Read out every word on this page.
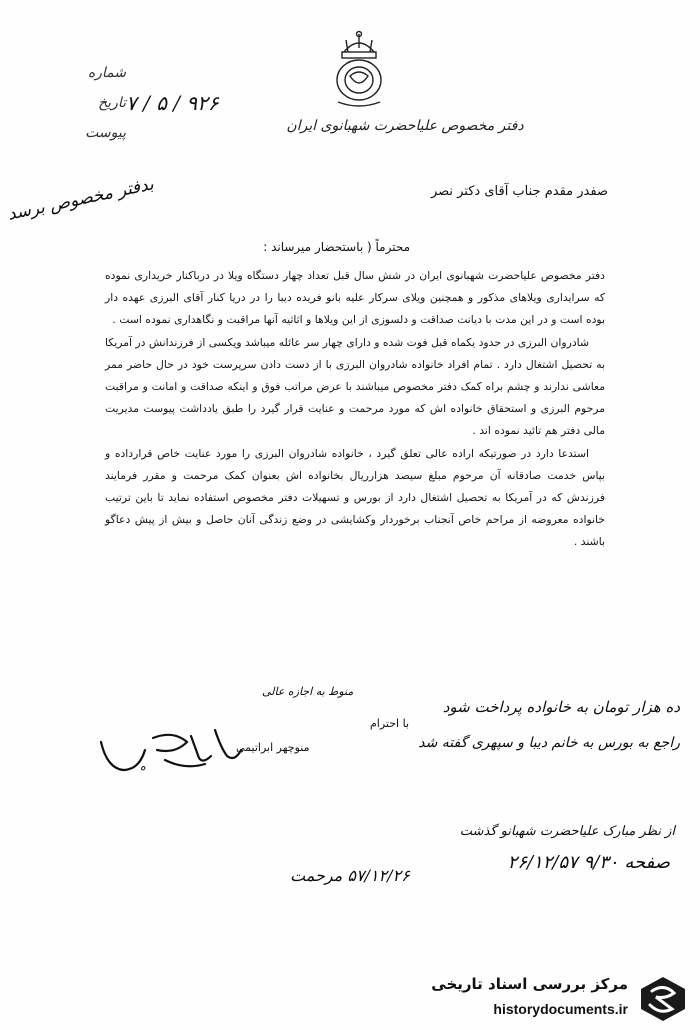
دفتر مخصوص علیاحضرت شهبانوی ایران
شماره
تاریخ ۹۲۶ / ۵ / ۷
پیوست
بدفتر مخصوص برسد	صفدر مقدم جناب آقای دکتر نصر
محترماً ( باستحضار میرساند :

دفتر مخصوص علیاحضرت شهبانوی ایران در شش سال قبل تعداد چهار دستگاه ویلا در درباکنار خریداری نموده که سرایداری ویلاهای مذکور و همچنین ویلای سرکار علیه بانو فریده دیبا را در دریا کنار آقای البرزی عهده دار بوده است و در این مدت با دیانت صداقت و دلسوزی از این ویلاها و اثاثیه آنها مراقبت و نگاهداری نموده است .

شادروان البرزی در حدود یکماه قبل فوت شده و دارای چهار سر عائله میباشد ویکسی از فرزندانش در آمریکا به تحصیل اشتغال دارد . تمام افراد خانواده شادروان البرزی با از دست دادن سرپرست خود در حال حاضر ممر معاشی ندارند و چشم براه کمک دفتر مخصوص میباشند با عرض مراتب فوق و اینکه صداقت و امانت و مراقبت مرحوم البرزی و استحقاق خانواده اش که مورد مرحمت و عنایت قرار گیرد را طبق یادداشت پیوست مدیریت مالی دفتر هم تائید نموده اند .

استدعا دارد در صورتیکه اراده عالی تعلق گیرد ، خانواده شادروان البرزی را مورد عنایت خاص قرارداده و بپاس خدمت صادقانه آن مرحوم مبلغ سیصد هزارریال بخانواده اش بعنوان کمک مرحمت و مقرر فرمایند فرزندش که در آمریکا به تحصیل اشتغال دارد از بورس و تسهیلات دفتر مخصوص استفاده نماید تا باین ترتیب خانواده معروضه از مراحم خاص آنجناب برخوردار وکشایشی در وضع زندگی آنان حاصل و بیش از پیش دعاگو باشند .

منوط به اجازه عالی
ده هزار تومان به خانواده پرداخت شود
با احترام
راجع به بورس به خانم دیبا و سپهری گفته شد
منوچهر ابراتیمی
ه
از نظر مبارک علیاحضرت شهبانو گذشت
صفحه ۹/۳۰ ۲۶/۱۲/۵۷
۵۷/۱۲/۲۶ مرحمت
مرکز بررسی اسناد تاریخی
historydocuments.ir
